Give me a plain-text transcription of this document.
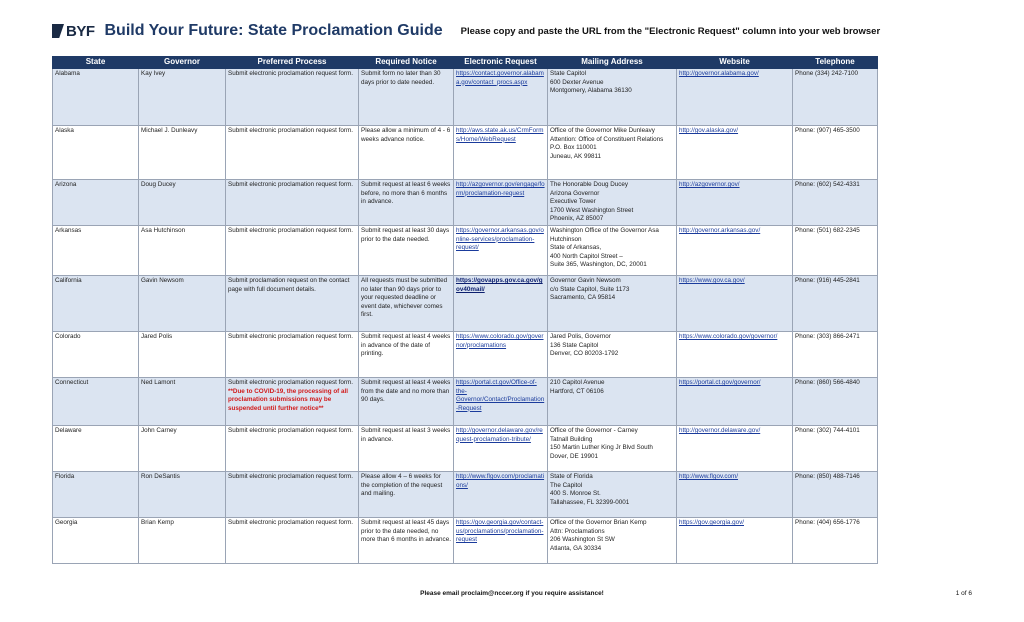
BYF Build Your Future: State Proclamation Guide Please copy and paste the URL from the "Electronic Request" column into your web browser
State	Governor	Preferred Process	Required Notice	Electronic Request	Mailing Address	Website	Telephone
Alabama	Kay Ivey	Submit electronic proclamation request form.	Submit form no later than 30 days prior to date needed.	https://contact.governor.alabama.gov/contact_procs.aspx	State Capitol
600 Dexter Avenue
Montgomery, Alabama 36130	http://governor.alabama.gov/	Phone (334) 242-7100
Alaska	Michael J. Dunleavy	Submit electronic proclamation request form.	Please allow a minimum of 4 - 6 weeks advance notice.	http://aws.state.ak.us/CrmForms/Home/WebRequest	Office of the Governor Mike Dunleavy
Attention: Office of Constituent Relations
P.O. Box 110001
Juneau, AK 99811	http://gov.alaska.gov/	Phone: (907) 465-3500
Arizona	Doug Ducey	Submit electronic proclamation request form.	Submit request at least 6 weeks before, no more than 6 months in advance.	http://azgovernor.gov/engage/form/proclamation-request	The Honorable Doug Ducey
Arizona Governor
Executive Tower
1700 West Washington Street
Phoenix, AZ 85007	http://azgovernor.gov/	Phone: (602) 542-4331
Arkansas	Asa Hutchinson	Submit electronic proclamation request form.	Submit request at least 30 days prior to the date needed.	https://governor.arkansas.gov/online-services/proclamation-request/	Washington Office of the Governor Asa Hutchinson
State of Arkansas,
400 North Capitol Street –
Suite 365, Washington, DC, 20001	http://governor.arkansas.gov/	Phone: (501) 682-2345
California	Gavin Newsom	Submit proclamation request on the contact page with full document details.	All requests must be submitted no later than 90 days prior to your requested deadline or event date, whichever comes first.	https://govapps.gov.ca.gov/gov40mail/	Governor Gavin Newsom
c/o State Capitol, Suite 1173
Sacramento, CA 95814	https://www.gov.ca.gov/	Phone: (916) 445-2841
Colorado	Jared Polis	Submit electronic proclamation request form.	Submit request at least 4 weeks in advance of the date of printing.	https://www.colorado.gov/governor/proclamations	Jared Polis, Governor
136 State Capitol
Denver, CO 80203-1792	https://www.colorado.gov/governor/	Phone: (303) 866-2471
Connecticut	Ned Lamont	Submit electronic proclamation request form.
**Due to COVID-19, the processing of all proclamation submissions may be suspended until further notice**	Submit request at least 4 weeks from the date and no more than 90 days.	https://portal.ct.gov/Office-of-the-Governor/Contact/Proclamation-Request	210 Capitol Avenue
Hartford, CT 06106	https://portal.ct.gov/governor/	Phone: (860) 566-4840
Delaware	John Carney	Submit electronic proclamation request form.	Submit request at least 3 weeks in advance.	http://governor.delaware.gov/request-proclamation-tribute/	Office of the Governor - Carney
Tatnall Building
150 Martin Luther King Jr Blvd South
Dover, DE 19901	http://governor.delaware.gov/	Phone: (302) 744-4101
Florida	Ron DeSantis	Submit electronic proclamation request form.	Please allow 4 – 6 weeks for the completion of the request and mailing.	http://www.flgov.com/proclamations/	State of Florida
The Capitol
400 S. Monroe St.
Tallahassee, FL 32399-0001	http://www.flgov.com/	Phone: (850) 488-7146
Georgia	Brian Kemp	Submit electronic proclamation request form.	Submit request at least 45 days prior to the date needed, no more than 6 months in advance.	https://gov.georgia.gov/contact-us/proclamations/proclamation-request	Office of the Governor Brian Kemp
Attn: Proclamations
206 Washington St SW
Atlanta, GA 30334	https://gov.georgia.gov/	Phone: (404) 656-1776
Please email proclaim@nccer.org if you require assistance!	1 of 6
